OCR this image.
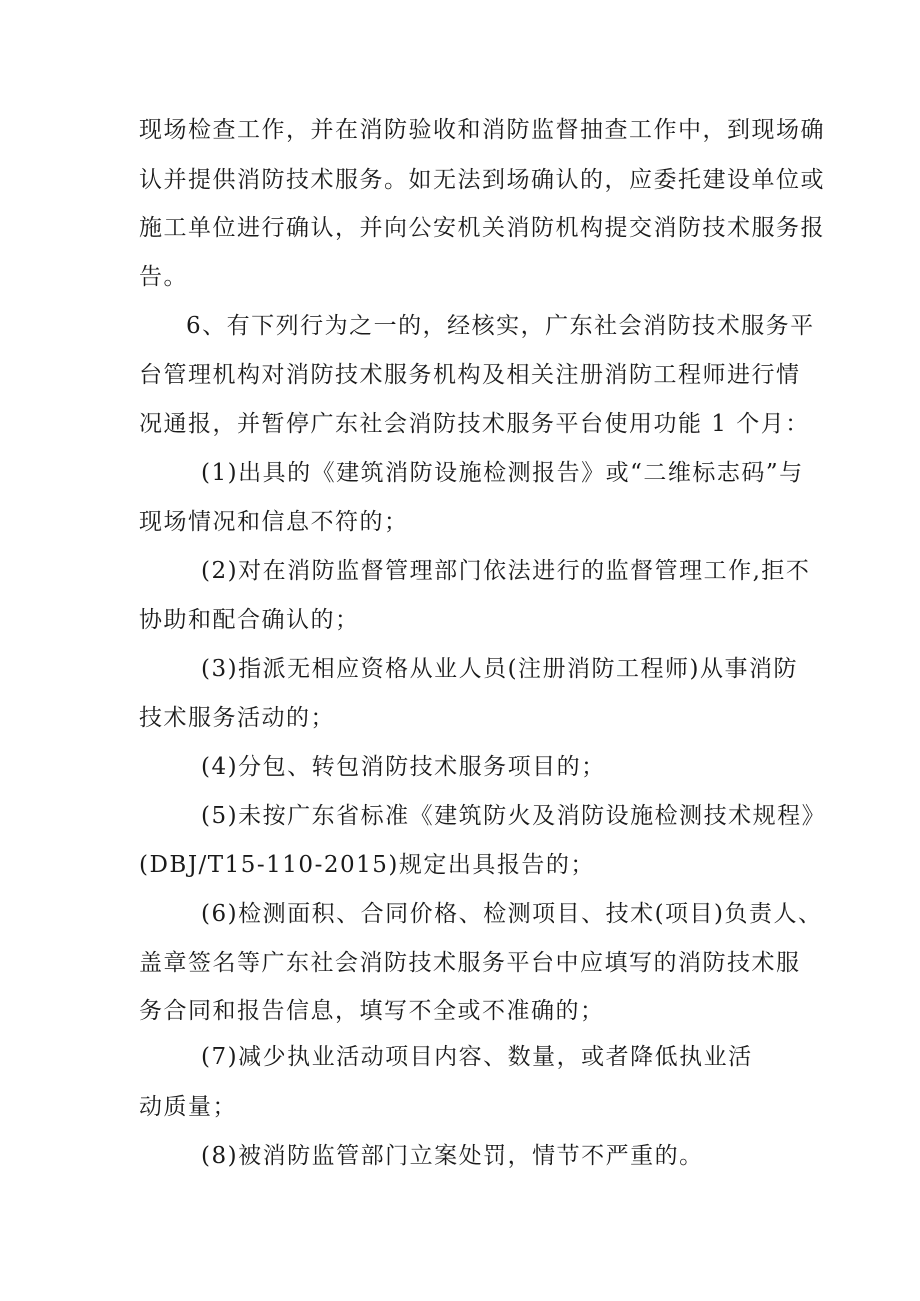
现场检查工作，并在消防验收和消防监督抽查工作中，到现场确
认并提供消防技术服务。如无法到场确认的，应委托建设单位或
施工单位进行确认，并向公安机关消防机构提交消防技术服务报
告。
6、有下列行为之一的，经核实，广东社会消防技术服务平
台管理机构对消防技术服务机构及相关注册消防工程师进行情
况通报，并暂停广东社会消防技术服务平台使用功能 1 个月：
(1)出具的《建筑消防设施检测报告》或“二维标志码”与
现场情况和信息不符的；
(2)对在消防监督管理部门依法进行的监督管理工作,拒不
协助和配合确认的；
(3)指派无相应资格从业人员(注册消防工程师)从事消防
技术服务活动的；
(4)分包、转包消防技术服务项目的；
(5)未按广东省标准《建筑防火及消防设施检测技术规程》
(DBJ/T15-110-2015)规定出具报告的；
(6)检测面积、合同价格、检测项目、技术(项目)负责人、
盖章签名等广东社会消防技术服务平台中应填写的消防技术服
务合同和报告信息，填写不全或不准确的；
(7)减少执业活动项目内容、数量，或者降低执业活
动质量；
(8)被消防监管部门立案处罚，情节不严重的。
